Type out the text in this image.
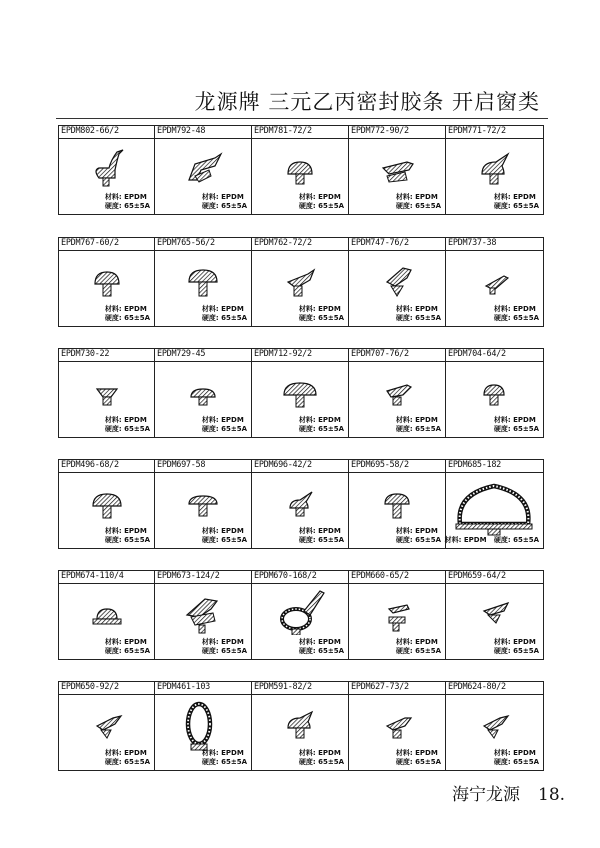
龙源牌 三元乙丙密封胶条 开启窗类
EPDM802-66/2
材料: EPDM
硬度: 65±5A
EPDM792-48
材料: EPDM
硬度: 65±5A
EPDM781-72/2
材料: EPDM
硬度: 65±5A
EPDM772-90/2
材料: EPDM
硬度: 65±5A
EPDM771-72/2
材料: EPDM
硬度: 65±5A
EPDM767-60/2
材料: EPDM
硬度: 65±5A
EPDM765-56/2
材料: EPDM
硬度: 65±5A
EPDM762-72/2
材料: EPDM
硬度: 65±5A
EPDM747-76/2
材料: EPDM
硬度: 65±5A
EPDM737-38
材料: EPDM
硬度: 65±5A
EPDM730-22
材料: EPDM
硬度: 65±5A
EPDM729-45
材料: EPDM
硬度: 65±5A
EPDM712-92/2
材料: EPDM
硬度: 65±5A
EPDM707-76/2
材料: EPDM
硬度: 65±5A
EPDM704-64/2
材料: EPDM
硬度: 65±5A
EPDM496-68/2
材料: EPDM
硬度: 65±5A
EPDM697-58
材料: EPDM
硬度: 65±5A
EPDM696-42/2
材料: EPDM
硬度: 65±5A
EPDM695-58/2
材料: EPDM
硬度: 65±5A
EPDM685-182
材料: EPDM 硬度: 65±5A
EPDM674-110/4
材料: EPDM
硬度: 65±5A
EPDM673-124/2
材料: EPDM
硬度: 65±5A
EPDM670-168/2
材料: EPDM
硬度: 65±5A
EPDM660-65/2
材料: EPDM
硬度: 65±5A
EPDM659-64/2
材料: EPDM
硬度: 65±5A
EPDM650-92/2
材料: EPDM
硬度: 65±5A
EPDM461-103
材料: EPDM
硬度: 65±5A
EPDM591-82/2
材料: EPDM
硬度: 65±5A
EPDM627-73/2
材料: EPDM
硬度: 65±5A
EPDM624-80/2
材料: EPDM
硬度: 65±5A
海宁龙源 18.
